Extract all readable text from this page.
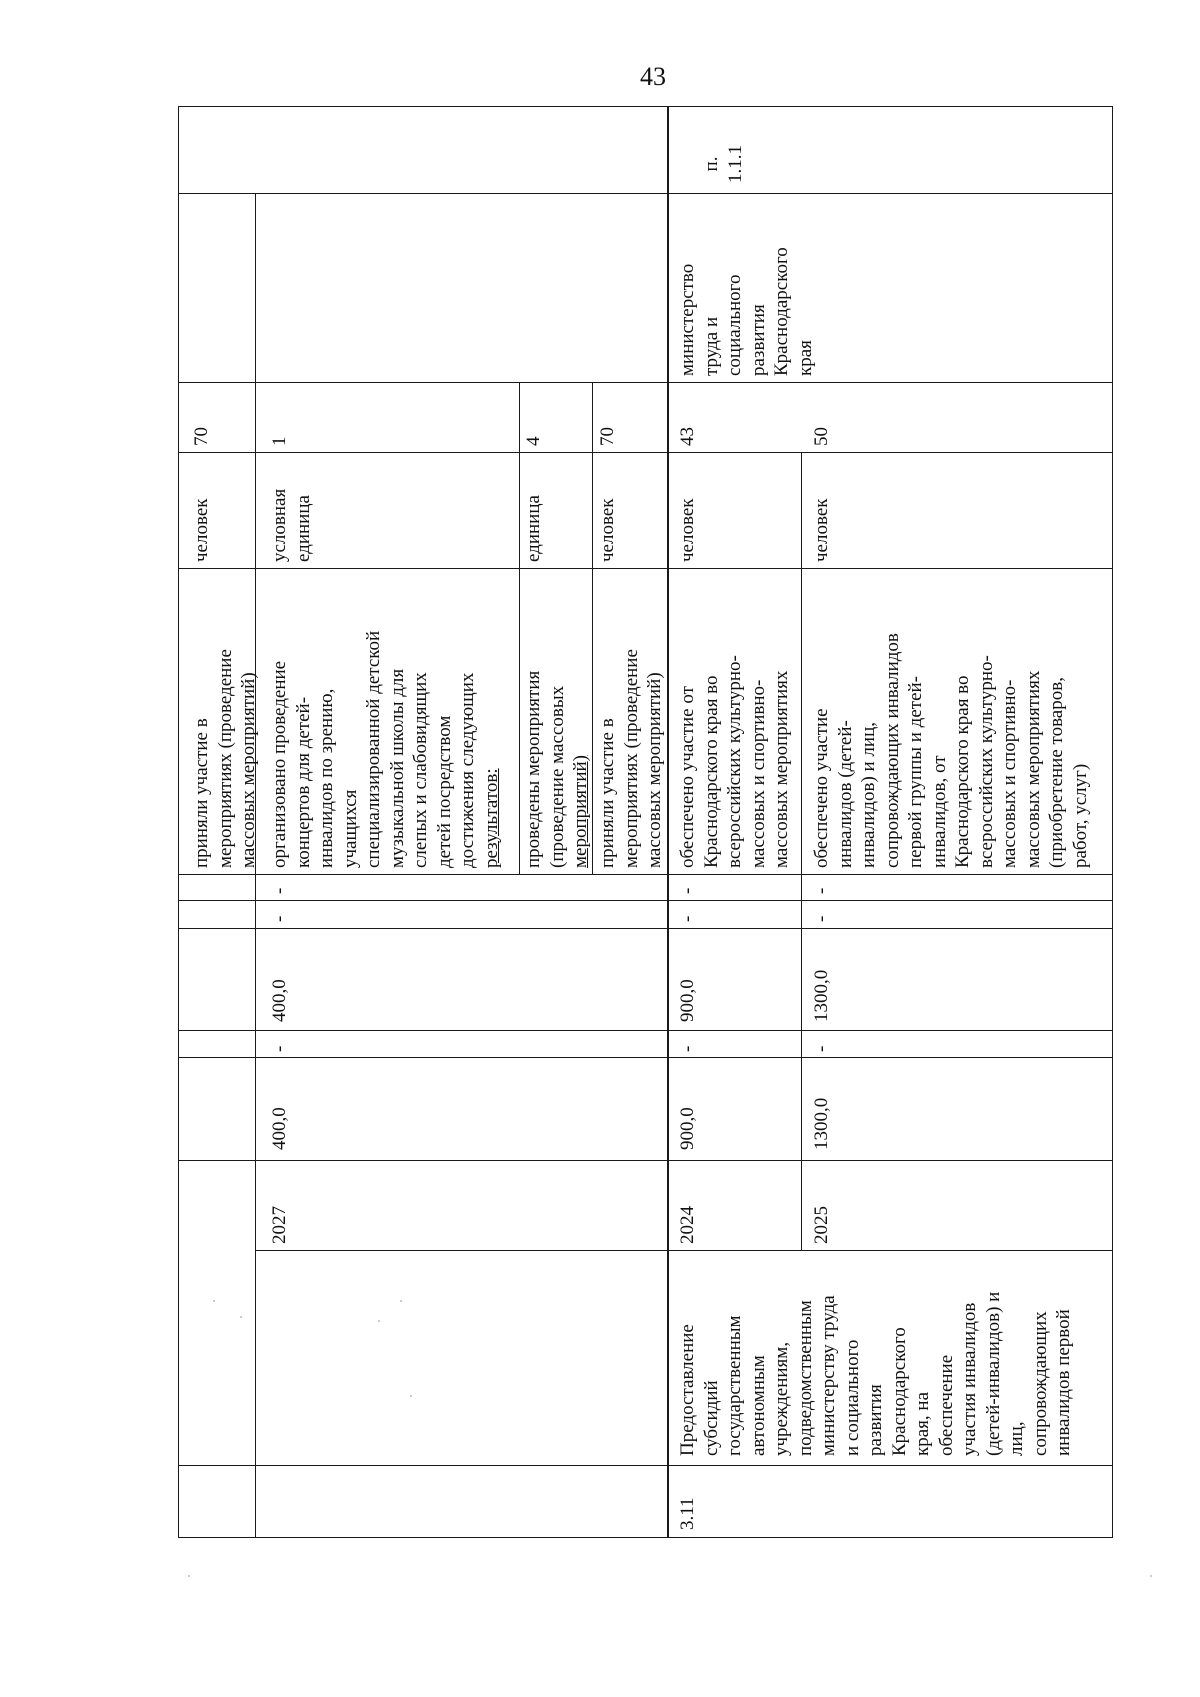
43
приняли участие в мероприятиях (проведение массовых мероприятий)
человек
70
2027
400,0
-
400,0
-
-
организовано проведение концертов для детей- инвалидов по зрению, учащихся специализированной детской музыкальной школы для слепых и слабовидящих детей посредством достижения следующих результатов:
условная единица
1
проведены мероприятия (проведение массовых мероприятий)
единица
4
приняли участие в мероприятиях (проведение массовых мероприятий)
человек
70
3.11
Предоставление субсидий государственным автономным учреждениям, подведомственным министерству труда и социального развития Краснодарского края, на обеспечение участия инвалидов (детей-инвалидов) и лиц, сопровождающих инвалидов первой
2024
900,0
-
900,0
-
-
обеспечено участие от Краснодарского края во всероссийских культурно- массовых и спортивно- массовых мероприятиях
человек
43
министерство труда и социального развития Краснодарского края
п. 1.1.1
2025
1300,0
-
1300,0
-
-
обеспечено участие инвалидов (детей- инвалидов) и лиц, сопровождающих инвалидов первой группы и детей- инвалидов, от Краснодарского края во всероссийских культурно- массовых и спортивно- массовых мероприятиях (приобретение товаров, работ, услуг)
человек
50
